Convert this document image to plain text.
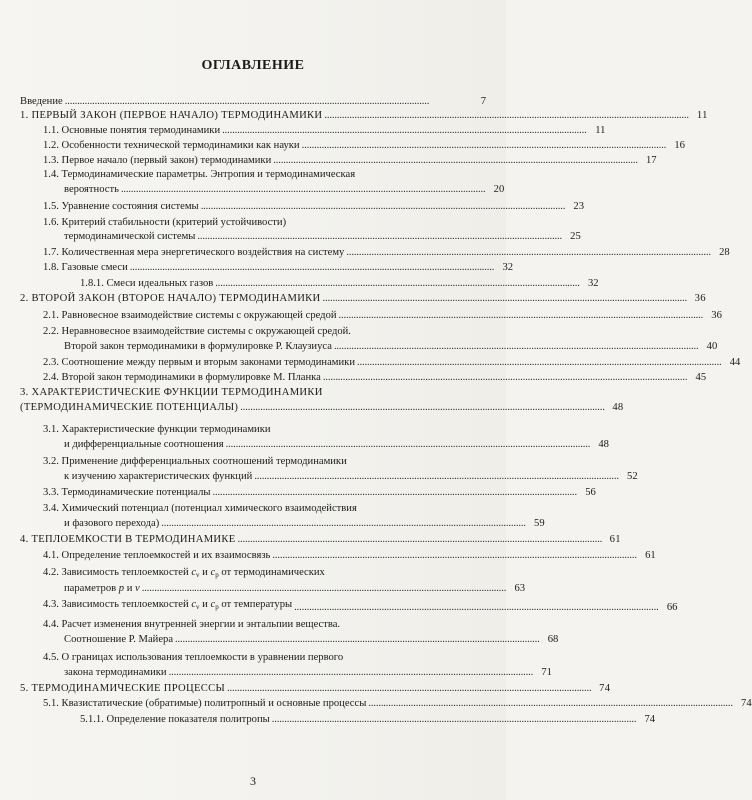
ОГЛАВЛЕНИЕ
Введение . . .	7
1. ПЕРВЫЙ ЗАКОН (ПЕРВОЕ НАЧАЛО) ТЕРМОДИНАМИКИ . . .	11
1.1. Основные понятия термодинамики . . .	11
1.2. Особенности технической термодинамики как науки . . .	16
1.3. Первое начало (первый закон) термодинамики . . .	17
1.4. Термодинамические параметры. Энтропия и термодинамическая
вероятность . . .	20
1.5. Уравнение состояния системы . . .	23
1.6. Критерий стабильности (критерий устойчивости)
термодинамической системы . . .	25
1.7. Количественная мера энергетического воздействия на систему . . .	28
1.8. Газовые смеси . . .	32
1.8.1. Смеси идеальных газов . . .	32
2. ВТОРОЙ ЗАКОН (ВТОРОЕ НАЧАЛО) ТЕРМОДИНАМИКИ . . .	36
2.1. Равновесное взаимодействие системы с окружающей средой . . .	36
2.2. Неравновесное взаимодействие системы с окружающей средой.
Второй закон термодинамики в формулировке Р. Клаузиуса . . .	40
2.3. Соотношение между первым и вторым законами термодинамики . . .	44
2.4. Второй закон термодинамики в формулировке М. Планка . . .	45
3. ХАРАКТЕРИСТИЧЕСКИЕ ФУНКЦИИ ТЕРМОДИНАМИКИ
(ТЕРМОДИНАМИЧЕСКИЕ ПОТЕНЦИАЛЫ) . . .	48
3.1. Характеристические функции термодинамики
и дифференциальные соотношения . . .	48
3.2. Применение дифференциальных соотношений термодинамики
к изучению характеристических функций . . .	52
3.3. Термодинамические потенциалы . . .	56
3.4. Химический потенциал (потенциал химического взаимодействия
и фазового перехода) . . .	59
4. ТЕПЛОЕМКОСТИ В ТЕРМОДИНАМИКЕ . . .	61
4.1. Определение теплоемкостей и их взаимосвязь . . .	61
4.2. Зависимость теплоемкостей $c_v$ и $c_p$ от термодинамических
параметров p и v . . .	63
4.3. Зависимость теплоемкостей $c_v$ и $c_p$ от температуры . . .	66
4.4. Расчет изменения внутренней энергии и энтальпии вещества.
Соотношение Р. Майера . . .	68
4.5. О границах использования теплоемкости в уравнении первого
закона термодинамики . . .	71
5. ТЕРМОДИНАМИЧЕСКИЕ ПРОЦЕССЫ . . .	74
5.1. Квазистатические (обратимые) политропный и основные процессы . . .	74
5.1.1. Определение показателя политропы . . .	74
3
